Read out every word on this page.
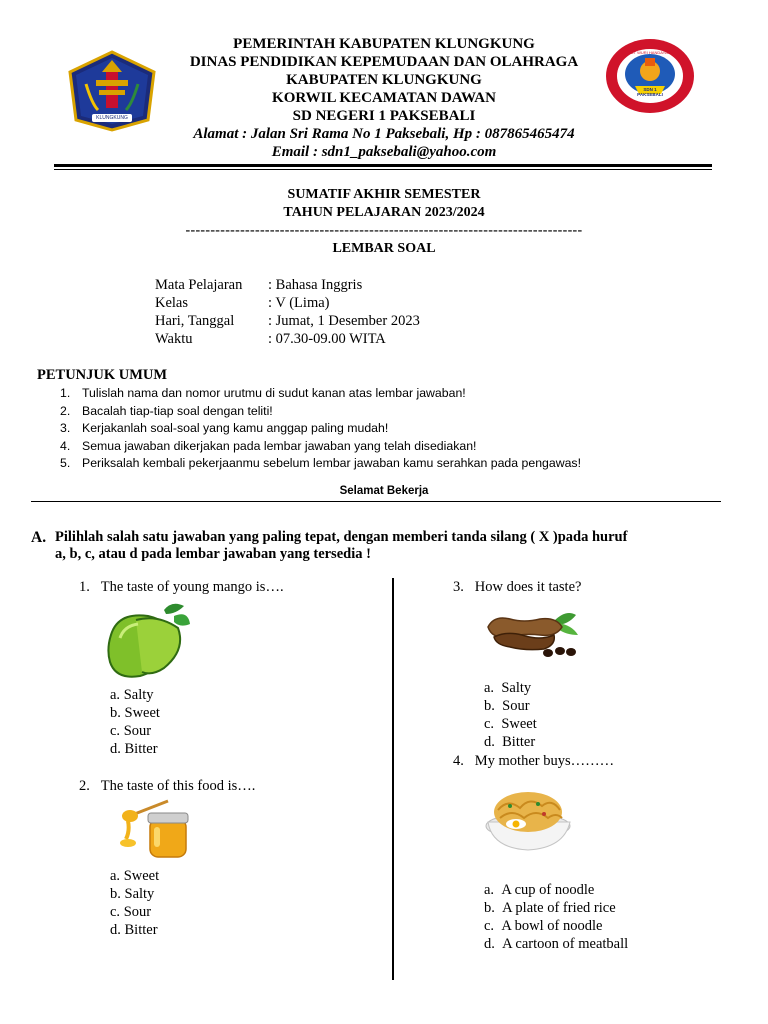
KLUNGKUNG
TUT WURI HANDAYANI
SDN 1 PAKSEBALI
PEMERINTAH KABUPATEN KLUNGKUNG
DINAS PENDIDIKAN KEPEMUDAAN DAN OLAHRAGA
KABUPATEN KLUNGKUNG
KORWIL KECAMATAN DAWAN
SD NEGERI 1 PAKSEBALI
Alamat : Jalan Sri Rama No 1 Paksebali, Hp : 087865465474
Email : sdn1_paksebali@yahoo.com
SUMATIF AKHIR SEMESTER
TAHUN PELAJARAN 2023/2024
--------------------------------------------------------------------------------
LEMBAR SOAL
Mata Pelajaran : Bahasa Inggris
Kelas	: V (Lima)
Hari, Tanggal : Jumat, 1 Desember 2023
Waktu	: 07.30-09.00 WITA
PETUNJUK UMUM
1. Tulislah nama dan nomor urutmu di sudut kanan atas lembar jawaban!
2. Bacalah tiap-tiap soal dengan teliti!
3. Kerjakanlah soal-soal yang kamu anggap paling mudah!
4. Semua jawaban dikerjakan pada lembar jawaban yang telah disediakan!
5. Periksalah kembali pekerjaanmu sebelum lembar jawaban kamu serahkan pada pengawas!
Selamat Bekerja
A. Pilihlah salah satu jawaban yang paling tepat, dengan memberi tanda silang ( X )pada huruf
a, b, c, atau d pada lembar jawaban yang tersedia !
1. The taste of young mango is….
a. Salty
b. Sweet
c. Sour
d. Bitter
2. The taste of this food is….
a. Sweet
b. Salty
c. Sour
d. Bitter
3. How does it taste?
a. Salty
b. Sour
c. Sweet
d. Bitter
4. My mother buys………
a. A cup of noodle
b. A plate of fried rice
c. A bowl of noodle
d. A cartoon of meatball
